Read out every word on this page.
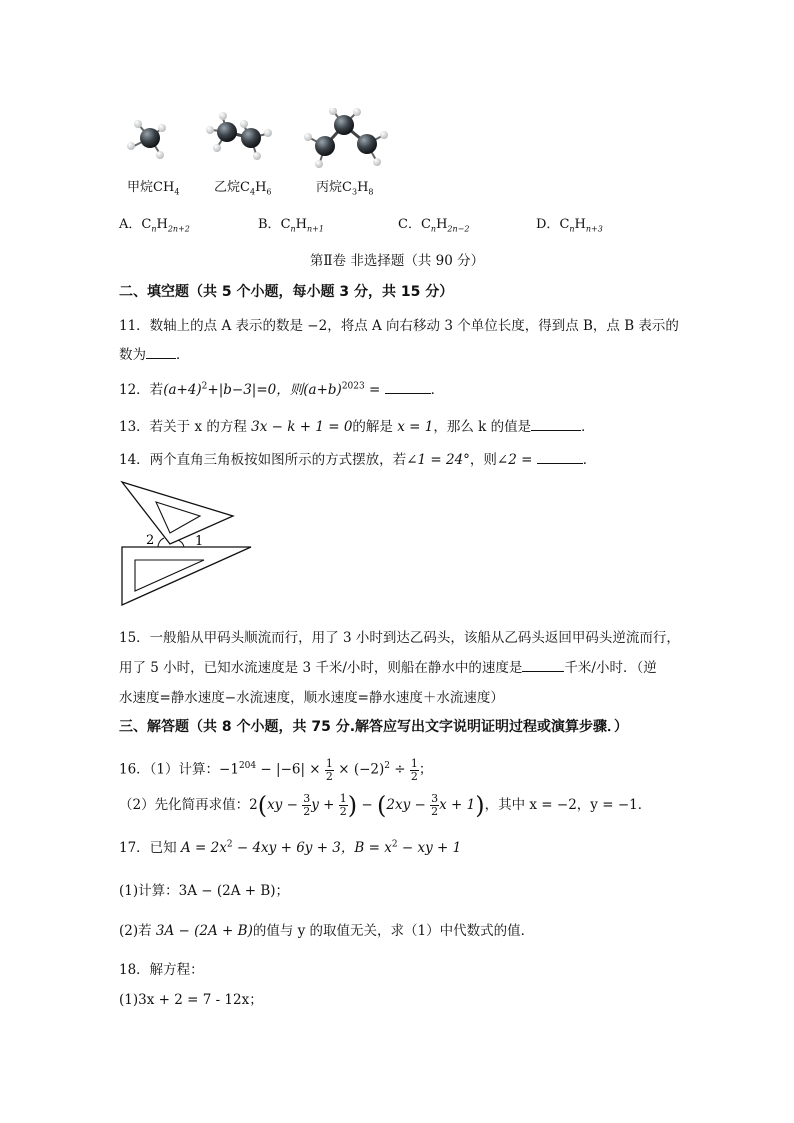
甲烷$CH_4$	乙烷$C_4H_6$	丙烷$C_3H_8$
A．$C_nH_{2n+2}$	B．$C_nH_{n+1}$	C．$C_nH_{2n-2}$	D．$C_nH_{n+3}$
第Ⅱ卷 非选择题（共 90 分）
二、填空题（共 5 个小题，每小题 3 分，共 15 分）
11．数轴上的点 A 表示的数是 −2，将点 A 向右移动 3 个单位长度，得到点 B，点 B 表示的
数为 ．
12．若$(a+4)^2+|b-3|=0$，则$(a+b)^{2023}$ =	．
13．若关于 x 的方程 3x − k + 1 = 0的解是 x = 1，那么 k 的值是	．
14．两个直角三角板按如图所示的方式摆放，若∠1 = 24°，则∠2 =	．
2	1
15．一般船从甲码头顺流而行，用了 3 小时到达乙码头，该船从乙码头返回甲码头逆流而行，
用了 5 小时，已知水流速度是 3 千米/小时，则船在静水中的速度是	千米/小时．（逆
水速度=静水速度−水流速度，顺水速度=静水速度＋水流速度）
三、解答题（共 8 个小题，共 75 分.解答应写出文字说明证明过程或演算步骤．）
16．（1）计算：$-1^{204} - |-6| \times \frac{1}{2} \times (-2)^2 \div \frac{1}{2}$ ；
（2）先化简再求值：$2(xy - \frac{3}{2}$ $y + \frac{1}{2}$ ) − ($2xy - \frac{3}{2}$ x + 1)，其中 x = −2，y = −1．
17．已知 $A = 2x^2 - 4xy + 6y + 3$，$B = x^2$ − xy + 1
(1)计算：3A − (2A + B)；
(2)若 3A − (2A + B)的值与 y 的取值无关，求（1）中代数式的值．
18．解方程：
(1)3x + 2 = 7 - 12x；
